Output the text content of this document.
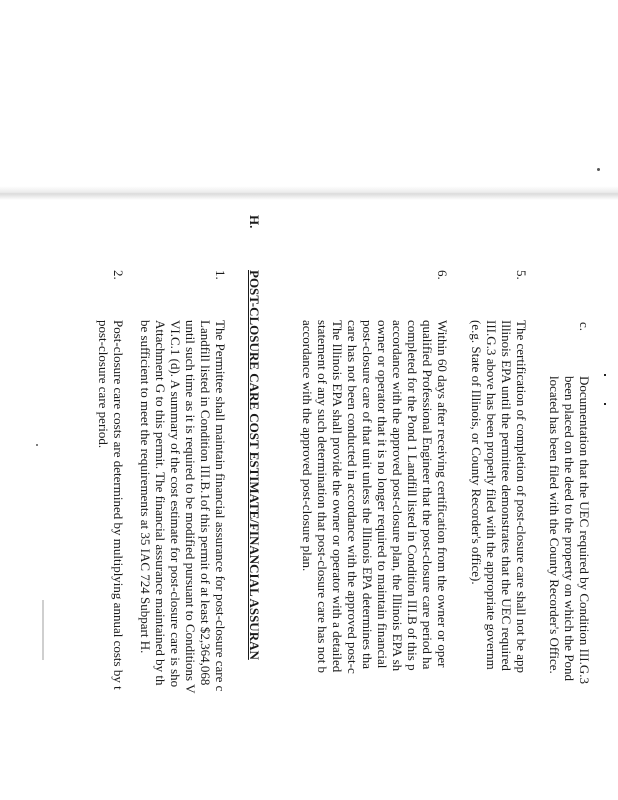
c.
Documentation that the UEC required by Condition III.G.3
been placed on the deed to the property on which the Pond
located has been filed with the County Recorder's Office.
5.
The certification of completion of post-closure care shall not be app
Illinois EPA until the permittee demonstrates that the UEC required
III.G.3 above has been properly filed with the appropriate governm
(e.g. State of Illinois, or County Recorder's office).
6.
Within 60 days after receiving certification from the owner or oper
qualified Professional Engineer that the post-closure care period ha
completed for the Pond 1 Landfill listed in Condition III.B of this p
accordance with the approved post-closure plan, the Illinois EPA sh
owner or operator that it is no longer required to maintain financial
post-closure care of that unit unless the Illinois EPA determines tha
care has not been conducted in accordance with the approved post-c
The Illinois EPA shall provide the owner or operator with a detailed
statement of any such determination that post-closure care has not b
accordance with the approved post-closure plan.
H.
POST-CLOSURE CARE COST ESTIMATE/FINANCIAL ASSURAN
1.
The Permittee shall maintain financial assurance for post-closure care c
Landfill listed in Condition III.B.1of this permit of at least $2,364,068
until such time as it is required to be modified pursuant to Conditions V
VI.C.1 (d). A summary of the cost estimate for post-closure care is sho
Attachment G to this permit. The financial assurance maintained by th
be sufficient to meet the requirements at 35 IAC 724 Subpart H.
2.
Post-closure care costs are determined by multiplying annual costs by t
post-closure care period.
